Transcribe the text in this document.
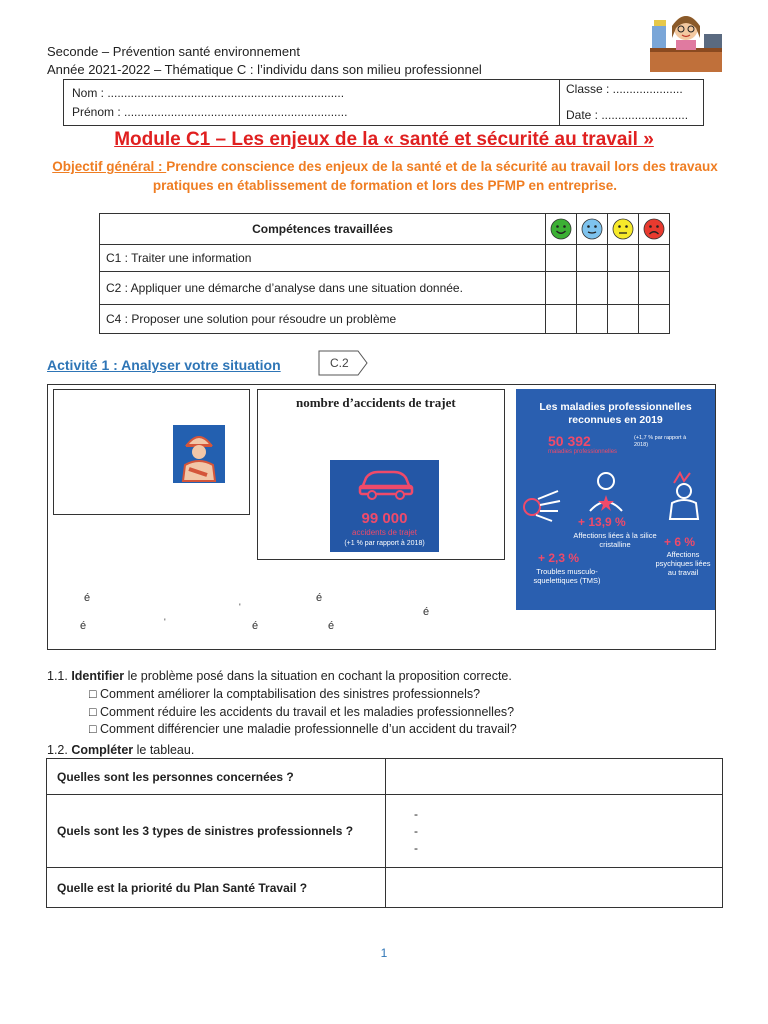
Seconde – Prévention santé environnement
Année 2021-2022 – Thématique C : l’individu dans son milieu professionnel
Nom : .......................................................................
Prénom : ...................................................................
Classe : .....................
Date : ..........................
Module C1 – Les enjeux de la « santé et sécurité au travail »
Objectif général : Prendre conscience des enjeux de la santé et de la sécurité au travail lors des travaux pratiques en établissement de formation et lors des PFMP en entreprise.
Compétences travaillées				
C1 : Traiter une information				
C2 : Appliquer une démarche d’analyse dans une situation donnée.				
C4 : Proposer une solution pour résoudre un problème				
Activité 1 : Analyser votre situation	C.2
nombre d’accidents de trajet
99 000
accidents de trajet
(+1 % par rapport à 2018)
Les maladies professionnelles reconnues en 2019
50 392
maladies professionnelles
(+1,7 % par rapport à 2018)
+ 13,9 %
Affections liées à la silice cristalline	+ 6 %
Affections psychiques liées au travail
+ 2,3 %
Troubles musculo-squelettiques (TMS)
é	é
é
é	é	é
'
'
1.1. Identifier le problème posé dans la situation en cochant la proposition correcte.
□ Comment améliorer la comptabilisation des sinistres professionnels?
□ Comment réduire les accidents du travail et les maladies professionnelles?
□ Comment différencier une maladie professionnelle d’un accident du travail?
1.2. Compléter le tableau.
Quelles sont les personnes concernées ?	
Quels sont les 3 types de sinistres professionnels ?	-
-
-

Quelle est la priorité du Plan Santé Travail ?	
1
